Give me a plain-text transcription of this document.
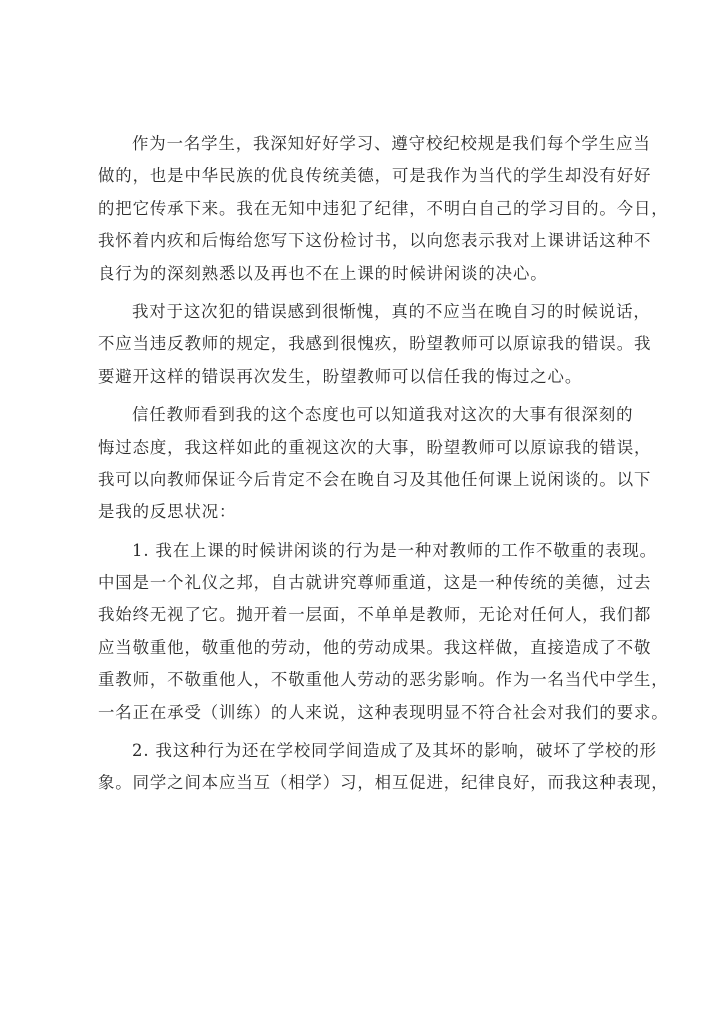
作为一名学生，我深知好好学习、遵守校纪校规是我们每个学生应当
做的，也是中华民族的优良传统美德，可是我作为当代的学生却没有好好
的把它传承下来。我在无知中违犯了纪律，不明白自己的学习目的。今日，
我怀着内疚和后悔给您写下这份检讨书，以向您表示我对上课讲话这种不
良行为的深刻熟悉以及再也不在上课的时候讲闲谈的决心。
我对于这次犯的错误感到很惭愧，真的不应当在晚自习的时候说话，
不应当违反教师的规定，我感到很愧疚，盼望教师可以原谅我的错误。我
要避开这样的错误再次发生，盼望教师可以信任我的悔过之心。
信任教师看到我的这个态度也可以知道我对这次的大事有很深刻的
悔过态度，我这样如此的重视这次的大事，盼望教师可以原谅我的错误，
我可以向教师保证今后肯定不会在晚自习及其他任何课上说闲谈的。以下
是我的反思状况：
1. 我在上课的时候讲闲谈的行为是一种对教师的工作不敬重的表现。
中国是一个礼仪之邦，自古就讲究尊师重道，这是一种传统的美德，过去
我始终无视了它。抛开着一层面，不单单是教师，无论对任何人，我们都
应当敬重他，敬重他的劳动，他的劳动成果。我这样做，直接造成了不敬
重教师，不敬重他人，不敬重他人劳动的恶劣影响。作为一名当代中学生，
一名正在承受（训练）的人来说，这种表现明显不符合社会对我们的要求。
2. 我这种行为还在学校同学间造成了及其坏的影响，破坏了学校的形
象。同学之间本应当互（相学）习，相互促进，纪律良好，而我这种表现，
